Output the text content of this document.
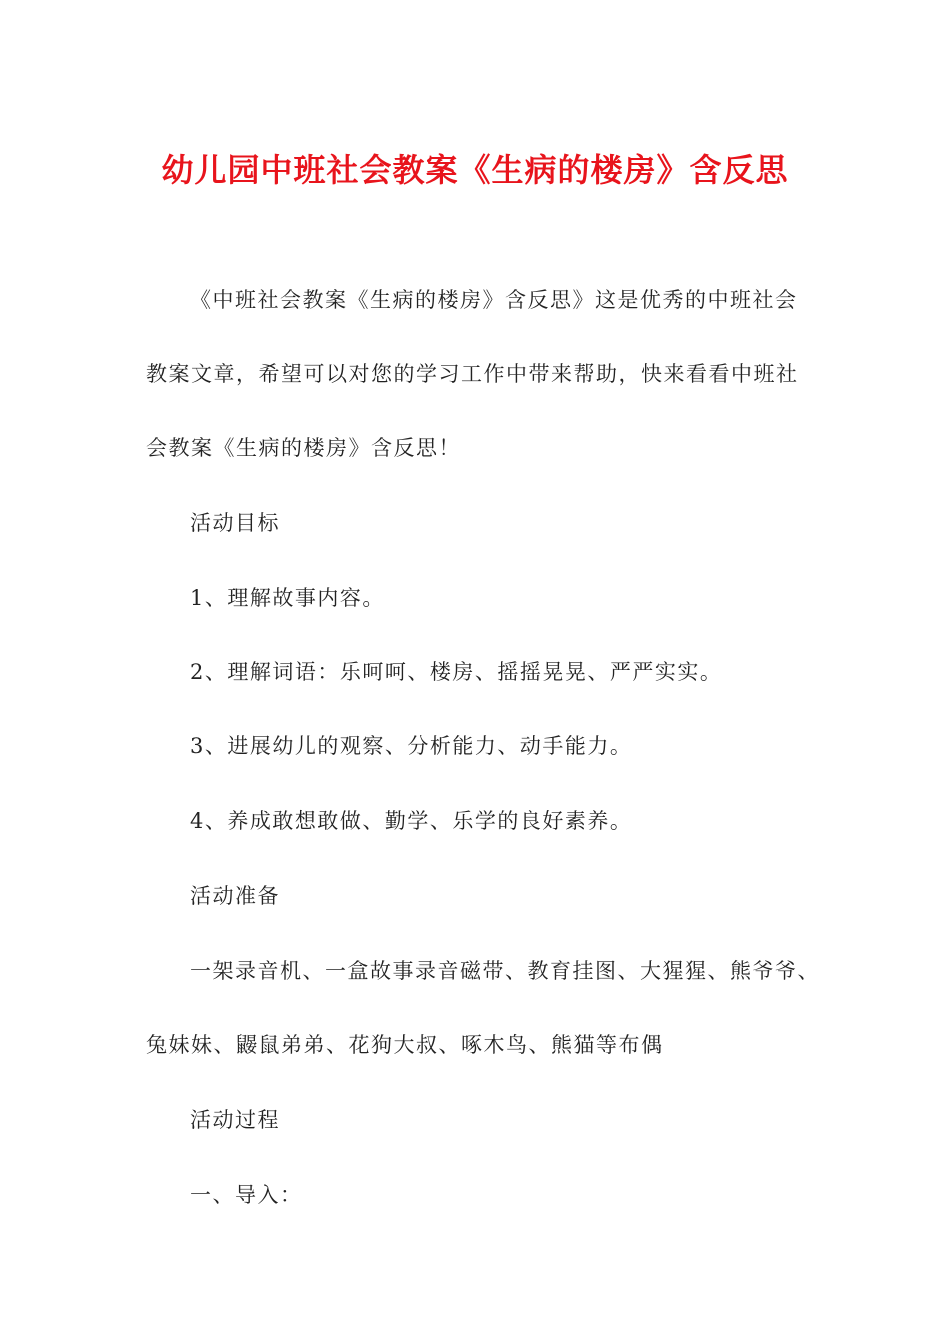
幼儿园中班社会教案《生病的楼房》含反思
《中班社会教案《生病的楼房》含反思》这是优秀的中班社会
教案文章，希望可以对您的学习工作中带来帮助，快来看看中班社
会教案《生病的楼房》含反思！
活动目标
1、理解故事内容。
2、理解词语：乐呵呵、楼房、摇摇晃晃、严严实实。
3、进展幼儿的观察、分析能力、动手能力。
4、养成敢想敢做、勤学、乐学的良好素养。
活动准备
一架录音机、一盒故事录音磁带、教育挂图、大猩猩、熊爷爷、
兔妹妹、鼹鼠弟弟、花狗大叔、啄木鸟、熊猫等布偶
活动过程
一、导入：
